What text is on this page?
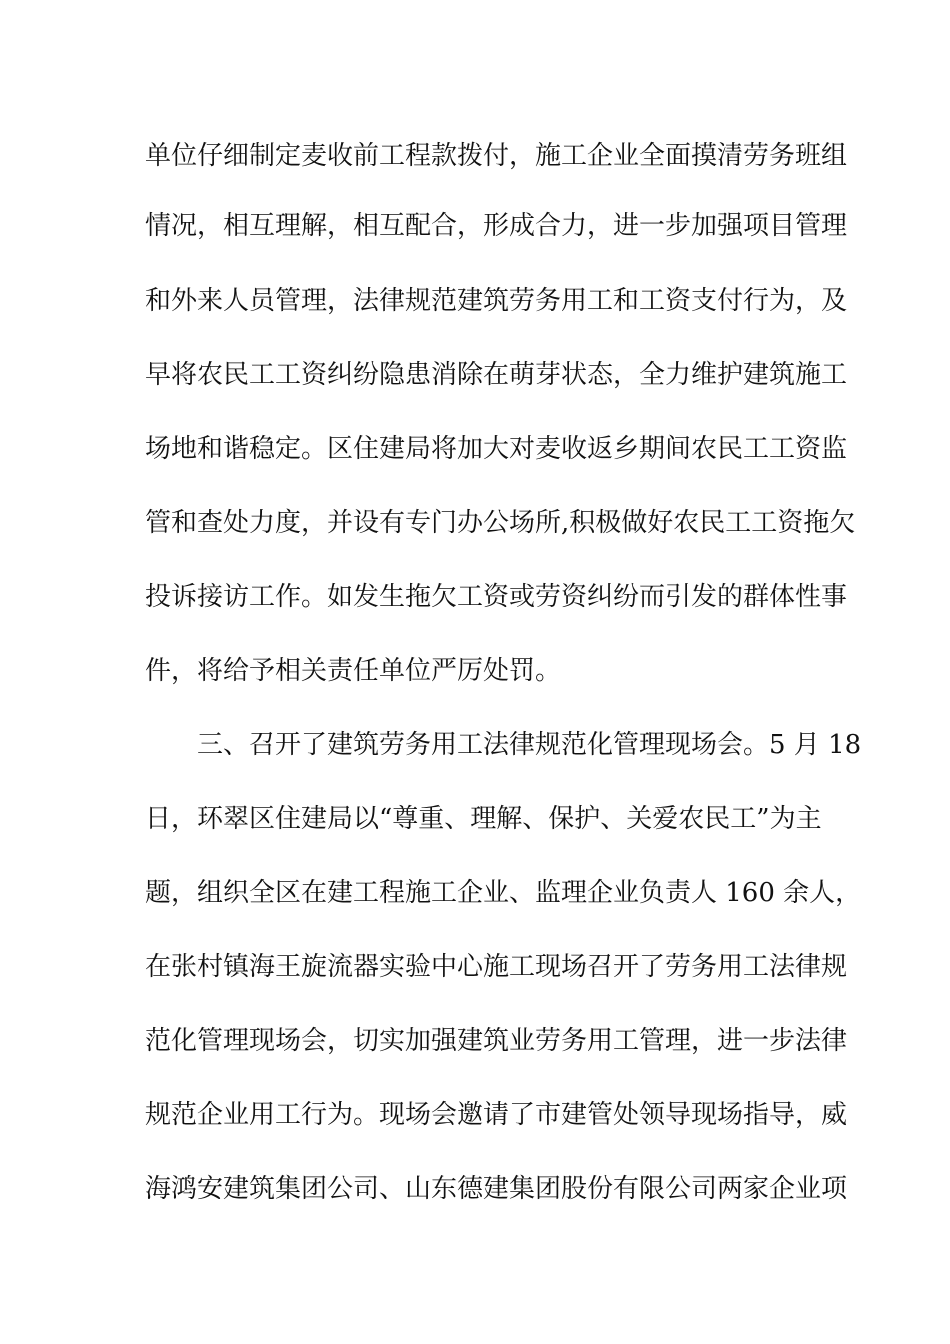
单位仔细制定麦收前工程款拨付，施工企业全面摸清劳务班组
情况，相互理解，相互配合，形成合力，进一步加强项目管理
和外来人员管理，法律规范建筑劳务用工和工资支付行为，及
早将农民工工资纠纷隐患消除在萌芽状态，全力维护建筑施工
场地和谐稳定。区住建局将加大对麦收返乡期间农民工工资监
管和查处力度，并设有专门办公场所,积极做好农民工工资拖欠
投诉接访工作。如发生拖欠工资或劳资纠纷而引发的群体性事
件，将给予相关责任单位严厉处罚。
三、召开了建筑劳务用工法律规范化管理现场会。5 月 18
日，环翠区住建局以“尊重、理解、保护、关爱农民工”为主
题，组织全区在建工程施工企业、监理企业负责人 160 余人，
在张村镇海王旋流器实验中心施工现场召开了劳务用工法律规
范化管理现场会，切实加强建筑业劳务用工管理，进一步法律
规范企业用工行为。现场会邀请了市建管处领导现场指导，威
海鸿安建筑集团公司、山东德建集团股份有限公司两家企业项
